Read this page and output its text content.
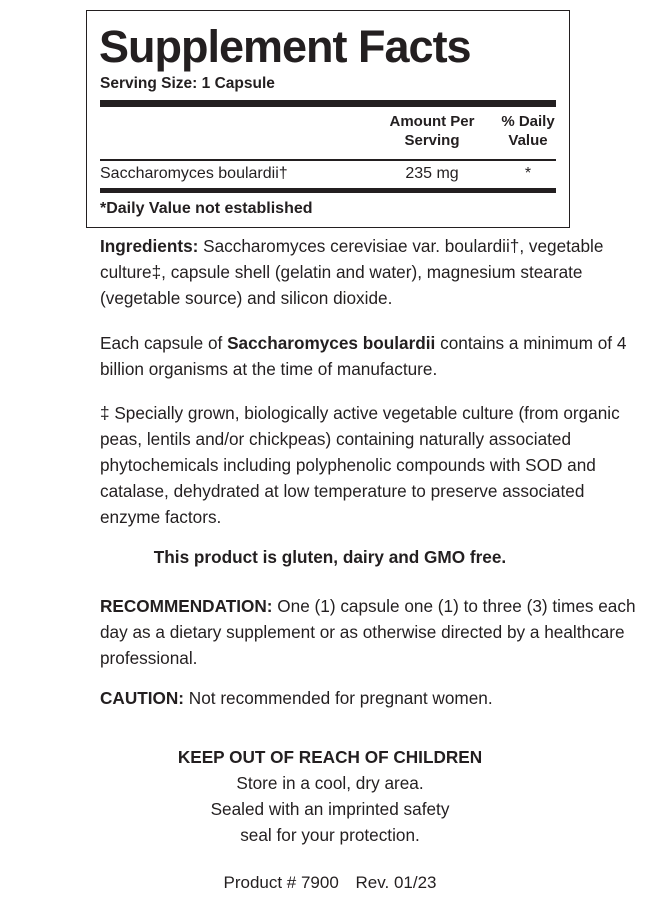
Supplement Facts
Serving Size: 1 Capsule
Amount Per Serving
% Daily Value
Saccharomyces boulardii†	235 mg	*
*Daily Value not established

Ingredients: Saccharomyces cerevisiae var. boulardii†, vegetable culture‡, capsule shell (gelatin and water), magnesium stearate (vegetable source) and silicon dioxide.

Each capsule of Saccharomyces boulardii contains a minimum of 4 billion organisms at the time of manufacture.

‡ Specially grown, biologically active vegetable culture (from organic peas, lentils and/or chickpeas) containing naturally associated phytochemicals including polyphenolic compounds with SOD and catalase, dehydrated at low temperature to preserve associated enzyme factors.

This product is gluten, dairy and GMO free.

RECOMMENDATION: One (1) capsule one (1) to three (3) times each day as a dietary supplement or as otherwise directed by a healthcare professional.

CAUTION: Not recommended for pregnant women.

KEEP OUT OF REACH OF CHILDREN
Store in a cool, dry area.
Sealed with an imprinted safety
seal for your protection.
Product # 7900 Rev. 01/23
